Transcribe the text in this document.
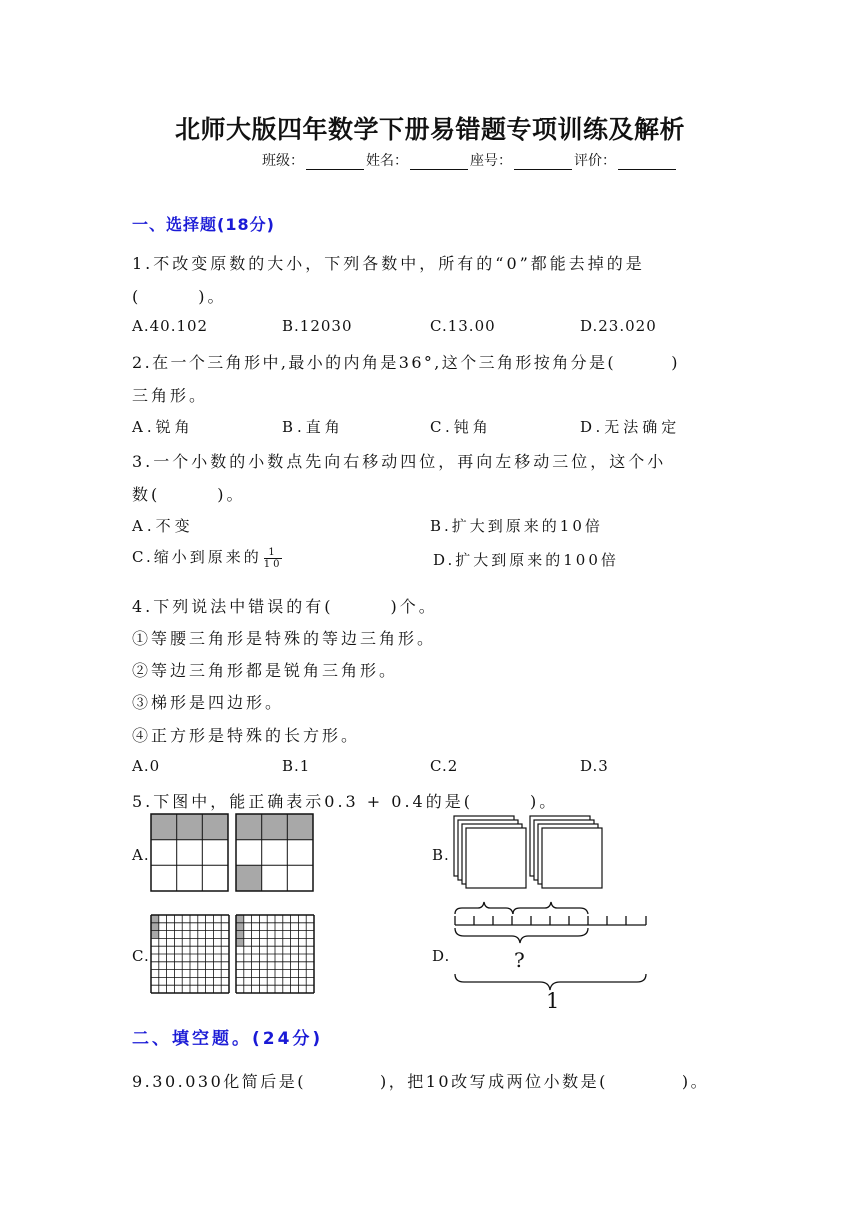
北师大版四年数学下册易错题专项训练及解析
班级：	姓名：	座号：	评价：
一、选择题(18分)
1.不改变原数的大小，下列各数中，所有的“0”都能去掉的是
(　　　)。
A.40.102	B.12030	C.13.00	D.23.020
2.在一个三角形中,最小的内角是36°,这个三角形按角分是(　　　)
三角形。
A.锐角	B.直角	C.钝角	D.无法确定
3.一个小数的小数点先向右移动四位，再向左移动三位，这个小
数(　　　)。
A.不变	B.扩大到原来的10倍
C.缩小到原来的 $\frac{1}{10}$	D.扩大到原来的100倍
4.下列说法中错误的有(　　　)个。
①等腰三角形是特殊的等边三角形。
②等边三角形都是锐角三角形。
③梯形是四边形。
④正方形是特殊的长方形。
A.0	B.1	C.2	D.3
5.下图中，能正确表示0.3 + 0.4的是(　　　)。
A.	B.
C.	D.	?
1
二、填空题。(24分)
9.30.030化简后是(　　　　)，把10改写成两位小数是(　　　　)。
